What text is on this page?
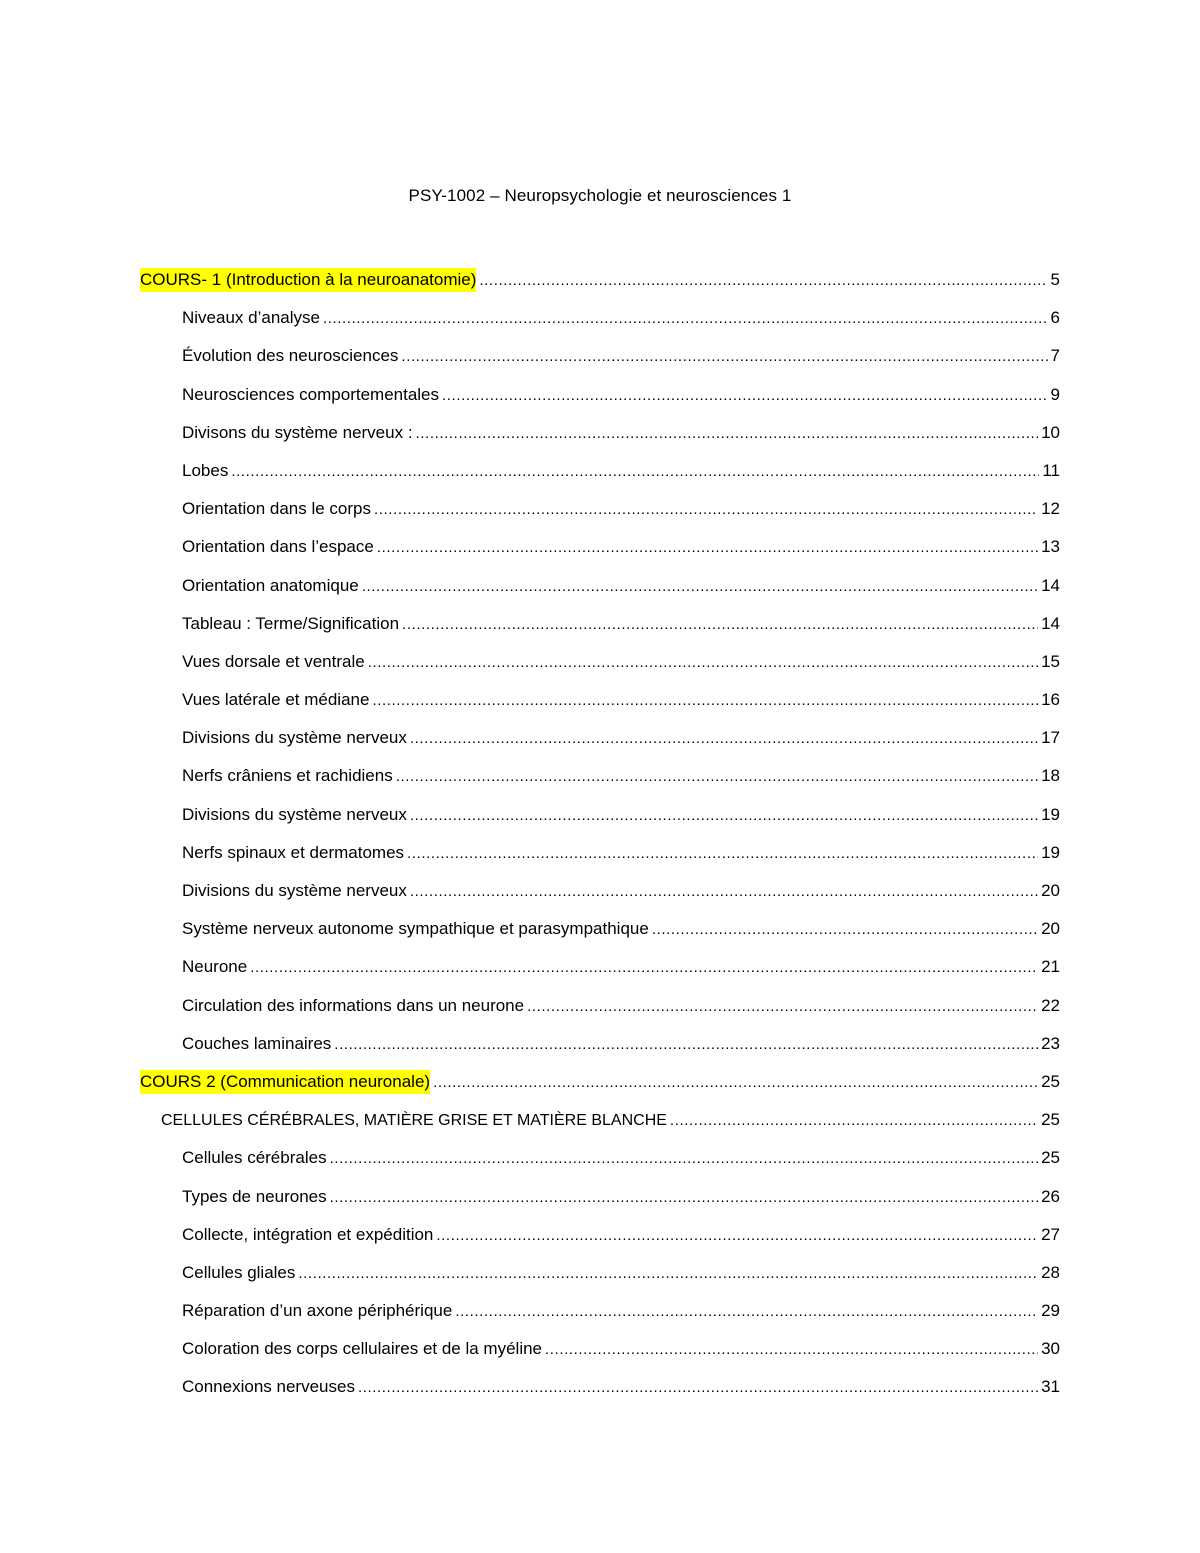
PSY-1002 – Neuropsychologie et neurosciences 1
COURS- 1 (Introduction à la neuroanatomie) .....	5
Niveaux d’analyse .....	6
Évolution des neurosciences .....	7
Neurosciences comportementales .....	9
Divisons du système nerveux : .....	10
Lobes .....	11
Orientation dans le corps .....	12
Orientation dans l’espace .....	13
Orientation anatomique .....	14
Tableau : Terme/Signification .....	14
Vues dorsale et ventrale .....	15
Vues latérale et médiane .....	16
Divisions du système nerveux .....	17
Nerfs crâniens et rachidiens .....	18
Divisions du système nerveux .....	19
Nerfs spinaux et dermatomes .....	19
Divisions du système nerveux .....	20
Système nerveux autonome sympathique et parasympathique .....	20
Neurone .....	21
Circulation des informations dans un neurone .....	22
Couches laminaires .....	23
COURS 2 (Communication neuronale) .....	25
CELLULES CÉRÉBRALES, MATIÈRE GRISE ET MATIÈRE BLANCHE .....	25
Cellules cérébrales .....	25
Types de neurones .....	26
Collecte, intégration et expédition .....	27
Cellules gliales .....	28
Réparation d’un axone périphérique .....	29
Coloration des corps cellulaires et de la myéline .....	30
Connexions nerveuses .....	31
